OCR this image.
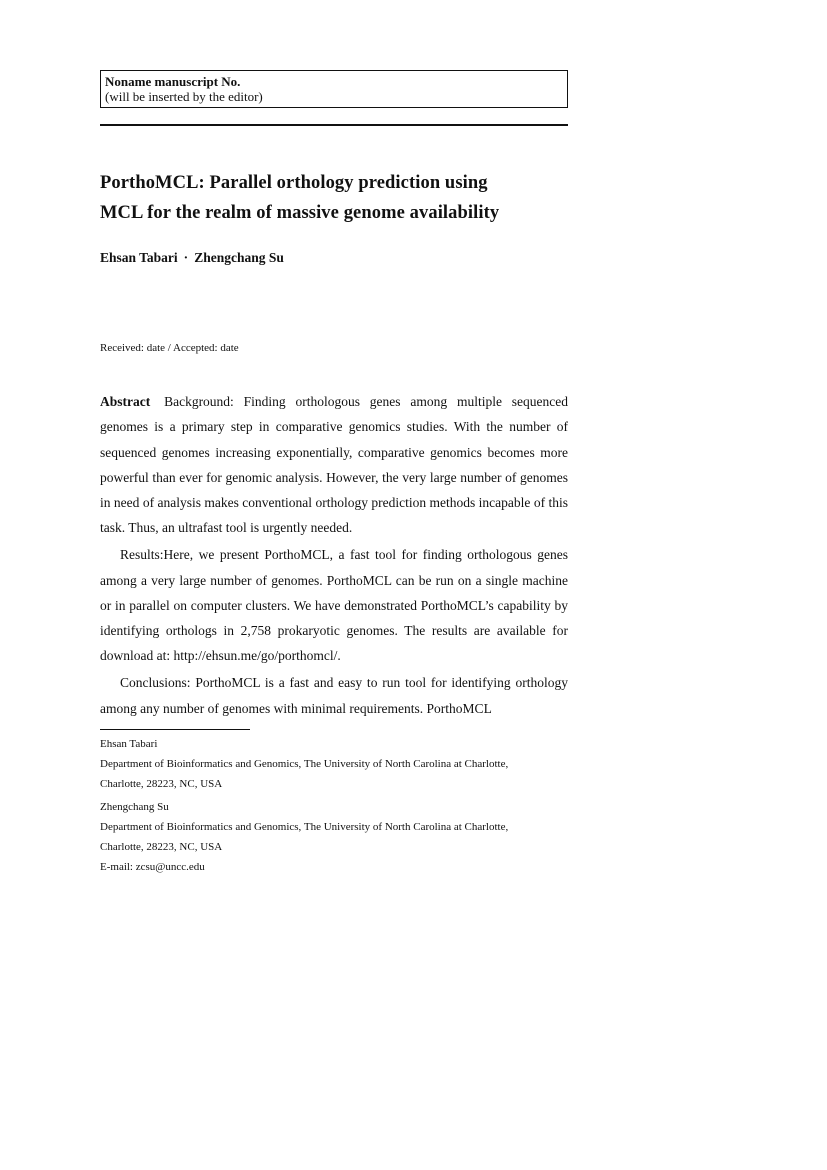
Noname manuscript No.
(will be inserted by the editor)
PorthoMCL: Parallel orthology prediction using
MCL for the realm of massive genome availability
Ehsan Tabari · Zhengchang Su
Received: date / Accepted: date

Abstract Background: Finding orthologous genes among multiple sequenced genomes is a primary step in comparative genomics studies. With the number of sequenced genomes increasing exponentially, comparative genomics becomes more powerful than ever for genomic analysis. However, the very large number of genomes in need of analysis makes conventional orthology prediction methods incapable of this task. Thus, an ultrafast tool is urgently needed.

Results:Here, we present PorthoMCL, a fast tool for finding orthologous genes among a very large number of genomes. PorthoMCL can be run on a single machine or in parallel on computer clusters. We have demonstrated PorthoMCL’s capability by identifying orthologs in 2,758 prokaryotic genomes. The results are available for download at: http://ehsun.me/go/porthomcl/.

Conclusions: PorthoMCL is a fast and easy to run tool for identifying orthology among any number of genomes with minimal requirements. PorthoMCL

Ehsan Tabari

Department of Bioinformatics and Genomics, The University of North Carolina at Charlotte,

Charlotte, 28223, NC, USA

Zhengchang Su

Department of Bioinformatics and Genomics, The University of North Carolina at Charlotte,

Charlotte, 28223, NC, USA

E-mail: zcsu@uncc.edu
